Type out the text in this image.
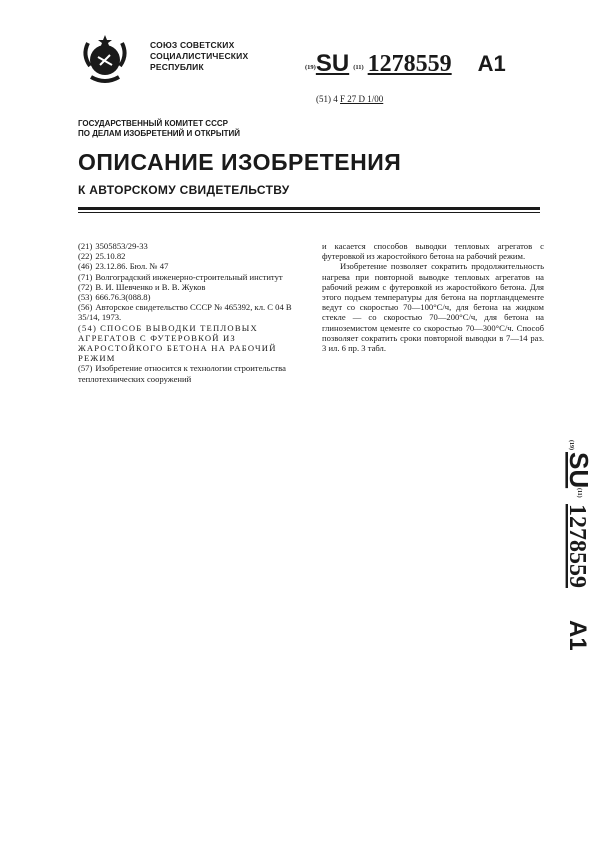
СОЮЗ СОВЕТСКИХ
СОЦИАЛИСТИЧЕСКИХ
РЕСПУБЛИК	(19)SU (11) 1278559 A1
(51) 4 F 27 D 1/00
ГОСУДАРСТВЕННЫЙ КОМИТЕТ СССР
ПО ДЕЛАМ ИЗОБРЕТЕНИЙ И ОТКРЫТИЙ
ОПИСАНИЕ ИЗОБРЕТЕНИЯ
К АВТОРСКОМУ СВИДЕТЕЛЬСТВУ

(21) 3505853/29-33

(22) 25.10.82

(46) 23.12.86. Бюл. № 47

(71) Волгоградский инженерно-строительный институт

(72) В. И. Шевченко и В. В. Жуков

(53) 666.76.3(088.8)

(56) Авторское свидетельство СССР № 465392, кл. С 04 В 35/14, 1973.

(54) СПОСОБ ВЫВОДКИ ТЕПЛОВЫХ АГРЕГАТОВ С ФУТЕРОВКОЙ ИЗ ЖАРОСТОЙКОГО БЕТОНА НА РАБОЧИЙ РЕЖИМ

(57) Изобретение относится к технологии строительства теплотехнических сооружений

и касается способов выводки тепловых агрегатов с футеровкой из жаростойкого бетона на рабочий режим.

Изобретение позволяет сократить продолжительность нагрева при повторной выводке тепловых агрегатов на рабочий режим с футеровкой из жаростойкого бетона. Для этого подъем температуры для бетона на портландцементе ведут со скоростью 70—100°С/ч, для бетона на жидком стекле — со скоростью 70—200°С/ч, для бетона на глиноземистом цементе со скоростью 70—300°С/ч. Способ позволяет сократить сроки повторной выводки в 7—14 раз. 3 ил. 6 пр. 3 табл.

(19)
SU
(11)
1278559
A1
